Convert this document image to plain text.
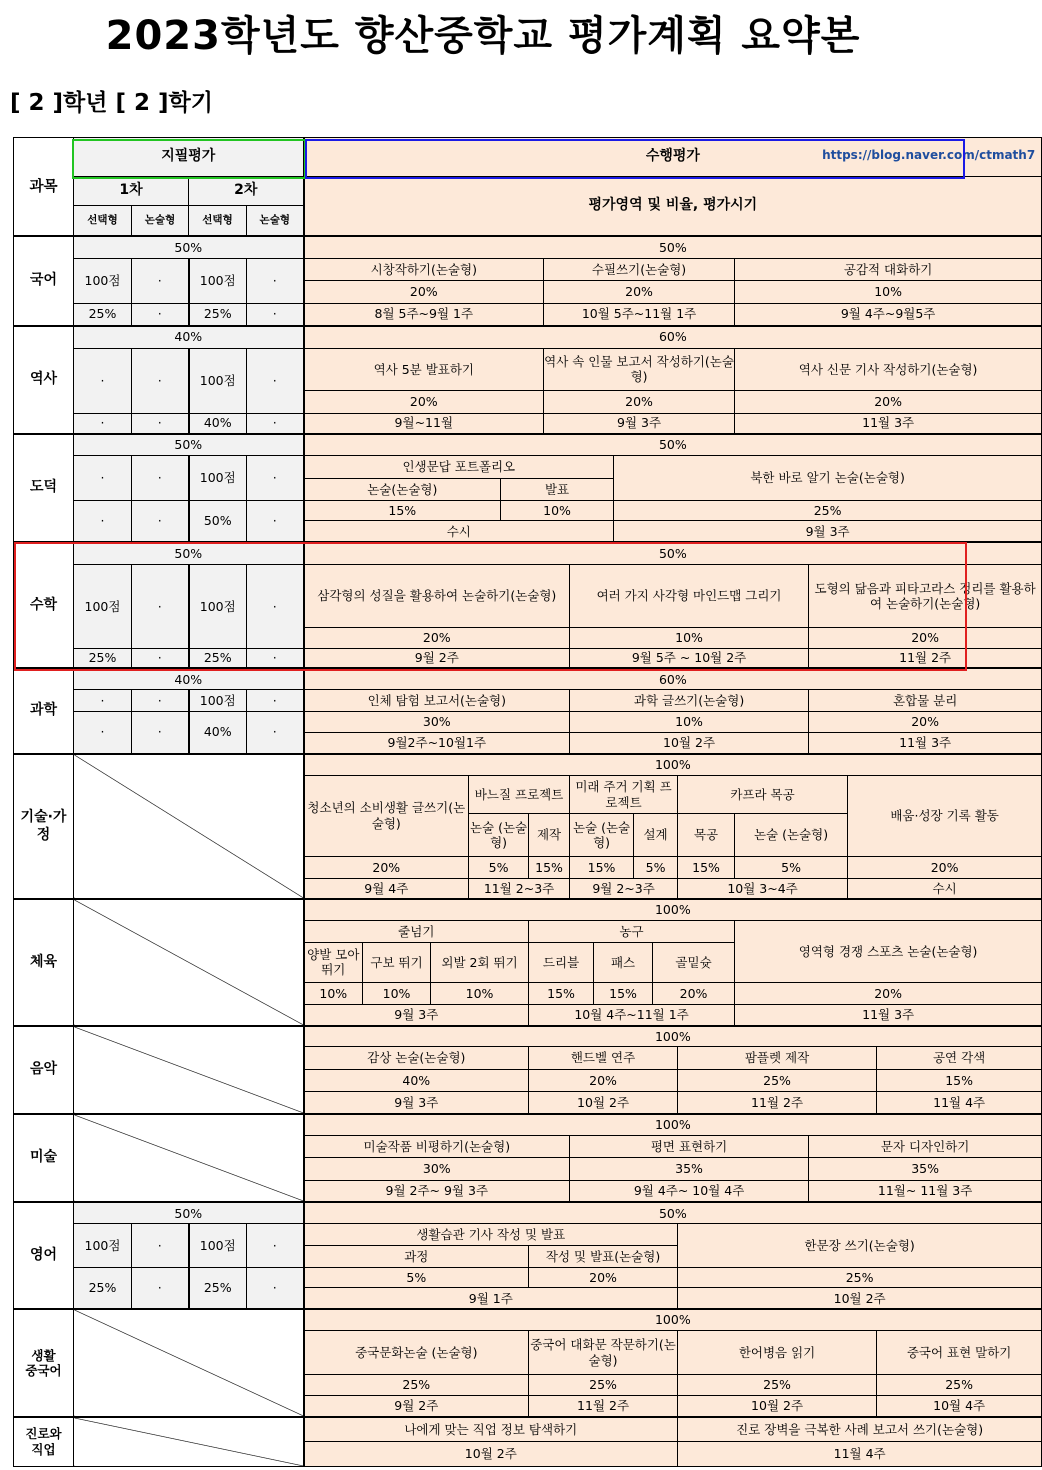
2023학년도 향산중학교 평가계획 요약본
[ 2 ]학년 [ 2 ]학기
과목	지필평가				수행평가 https://blog.naver.com/ctmath7																

	1차		2차		평가영역 및 비율, 평가시기																
	선택형	논술형	선택형	논술형																	
국어	50%				50%																
	100점	·	100점	·	시창작하기(논술형)						수필쓰기(논술형)							공감적 대화하기			
					20%						20%							10%			
	25%	·	25%	·	8월 5주~9월 1주						10월 5주~11월 1주							9월 4주~9월5주			
역사	40%				60%																
	·	·	100점	·	역사 5분 발표하기						역사 속 인물 보고서 작성하기(논술형)							역사 신문 기사 작성하기(논술형)			
					20%						20%							20%			
	·	·	40%	·	9월~11월						9월 3주							11월 3주			
도덕	50%				50%																
	·	·	100점	·	인생문답 포트폴리오									북한 바로 알기 논술(논술형)							
					논술(논술형)				발표												
	·	·	50%	·	15%				10%					25%							
					수시									9월 3주							

수학	50%				50%																
	100점	·	100점	·	삼각형의 성질을 활용하여 논술하기(논술형)							여러 가지 사각형 마인드맵 그리기							도형의 닮음과 피타고라스 정리를 활용하여 논술하기(논술형)		
					20%							10%							20%		
	25%	·	25%	·	9월 2주							9월 5주 ~ 10월 2주							11월 2주		
과학	40%				60%																
	·	·	100점	·	인체 탐험 보고서(논술형)							과학 글쓰기(논술형)							혼합물 분리		
	·	·	40%	·	30%							10%							20%		
					9월2주~10월1주							10월 2주							11월 3주		
기술·가정					100%																
					청소년의 소비생활 글쓰기(논술형)			바느질 프로젝트				미래 주거 기획 프로젝트					카프라 목공			배움·성장 기록 활동	
								논술 (논술형)		제작		논술 (논술형)			설계		목공	논술 (논술형)			
					20%			5%		15%		15%			5%		15%	5%		20%	
					9월 4주			11월 2~3주				9월 2~3주					10월 3~4주			수시	

체육					100%																
					줄넘기					농구								영역형 경쟁 스포츠 논술(논술형)			
					양발 모아뛰기	구보 뛰기	외발 2회 뛰기			드리블			패스			골밑슛					
					10%	10%	10%			15%			15%			20%		20%			
					9월 3주					10월 4주~11월 1주								11월 3주			

음악					100%																
					감상 논술(논술형)					핸드벨 연주							팜플렛 제작				공연 각색
					40%					20%							25%				15%
					9월 3주					10월 2주							11월 2주				11월 4주
미술					100%																
					미술작품 비평하기(논술형)							평면 표현하기							문자 디자인하기		
					30%							35%							35%		
					9월 2주~ 9월 3주							9월 4주~ 10월 4주							11월~ 11월 3주		
영어	50%				50%																
	100점	·	100점	·	생활습관 기사 작성 및 발표												한문장 쓰기(논술형)				
					과정					작성 및 발표(논술형)											
	25%	·	25%	·	5%					20%							25%				
					9월 1주												10월 2주				
생활
중국어					100%																
					중국문화논술 (논술형)					중국어 대화문 작문하기(논술형)							한어병음 읽기				중국어 표현 말하기
					25%					25%							25%				25%
					9월 2주					11월 2주							10월 2주				10월 4주
진로와
직업					나에게 맞는 직업 정보 탐색하기												진로 장벽을 극복한 사례 보고서 쓰기(논술형)				
					10월 2주												11월 4주				
